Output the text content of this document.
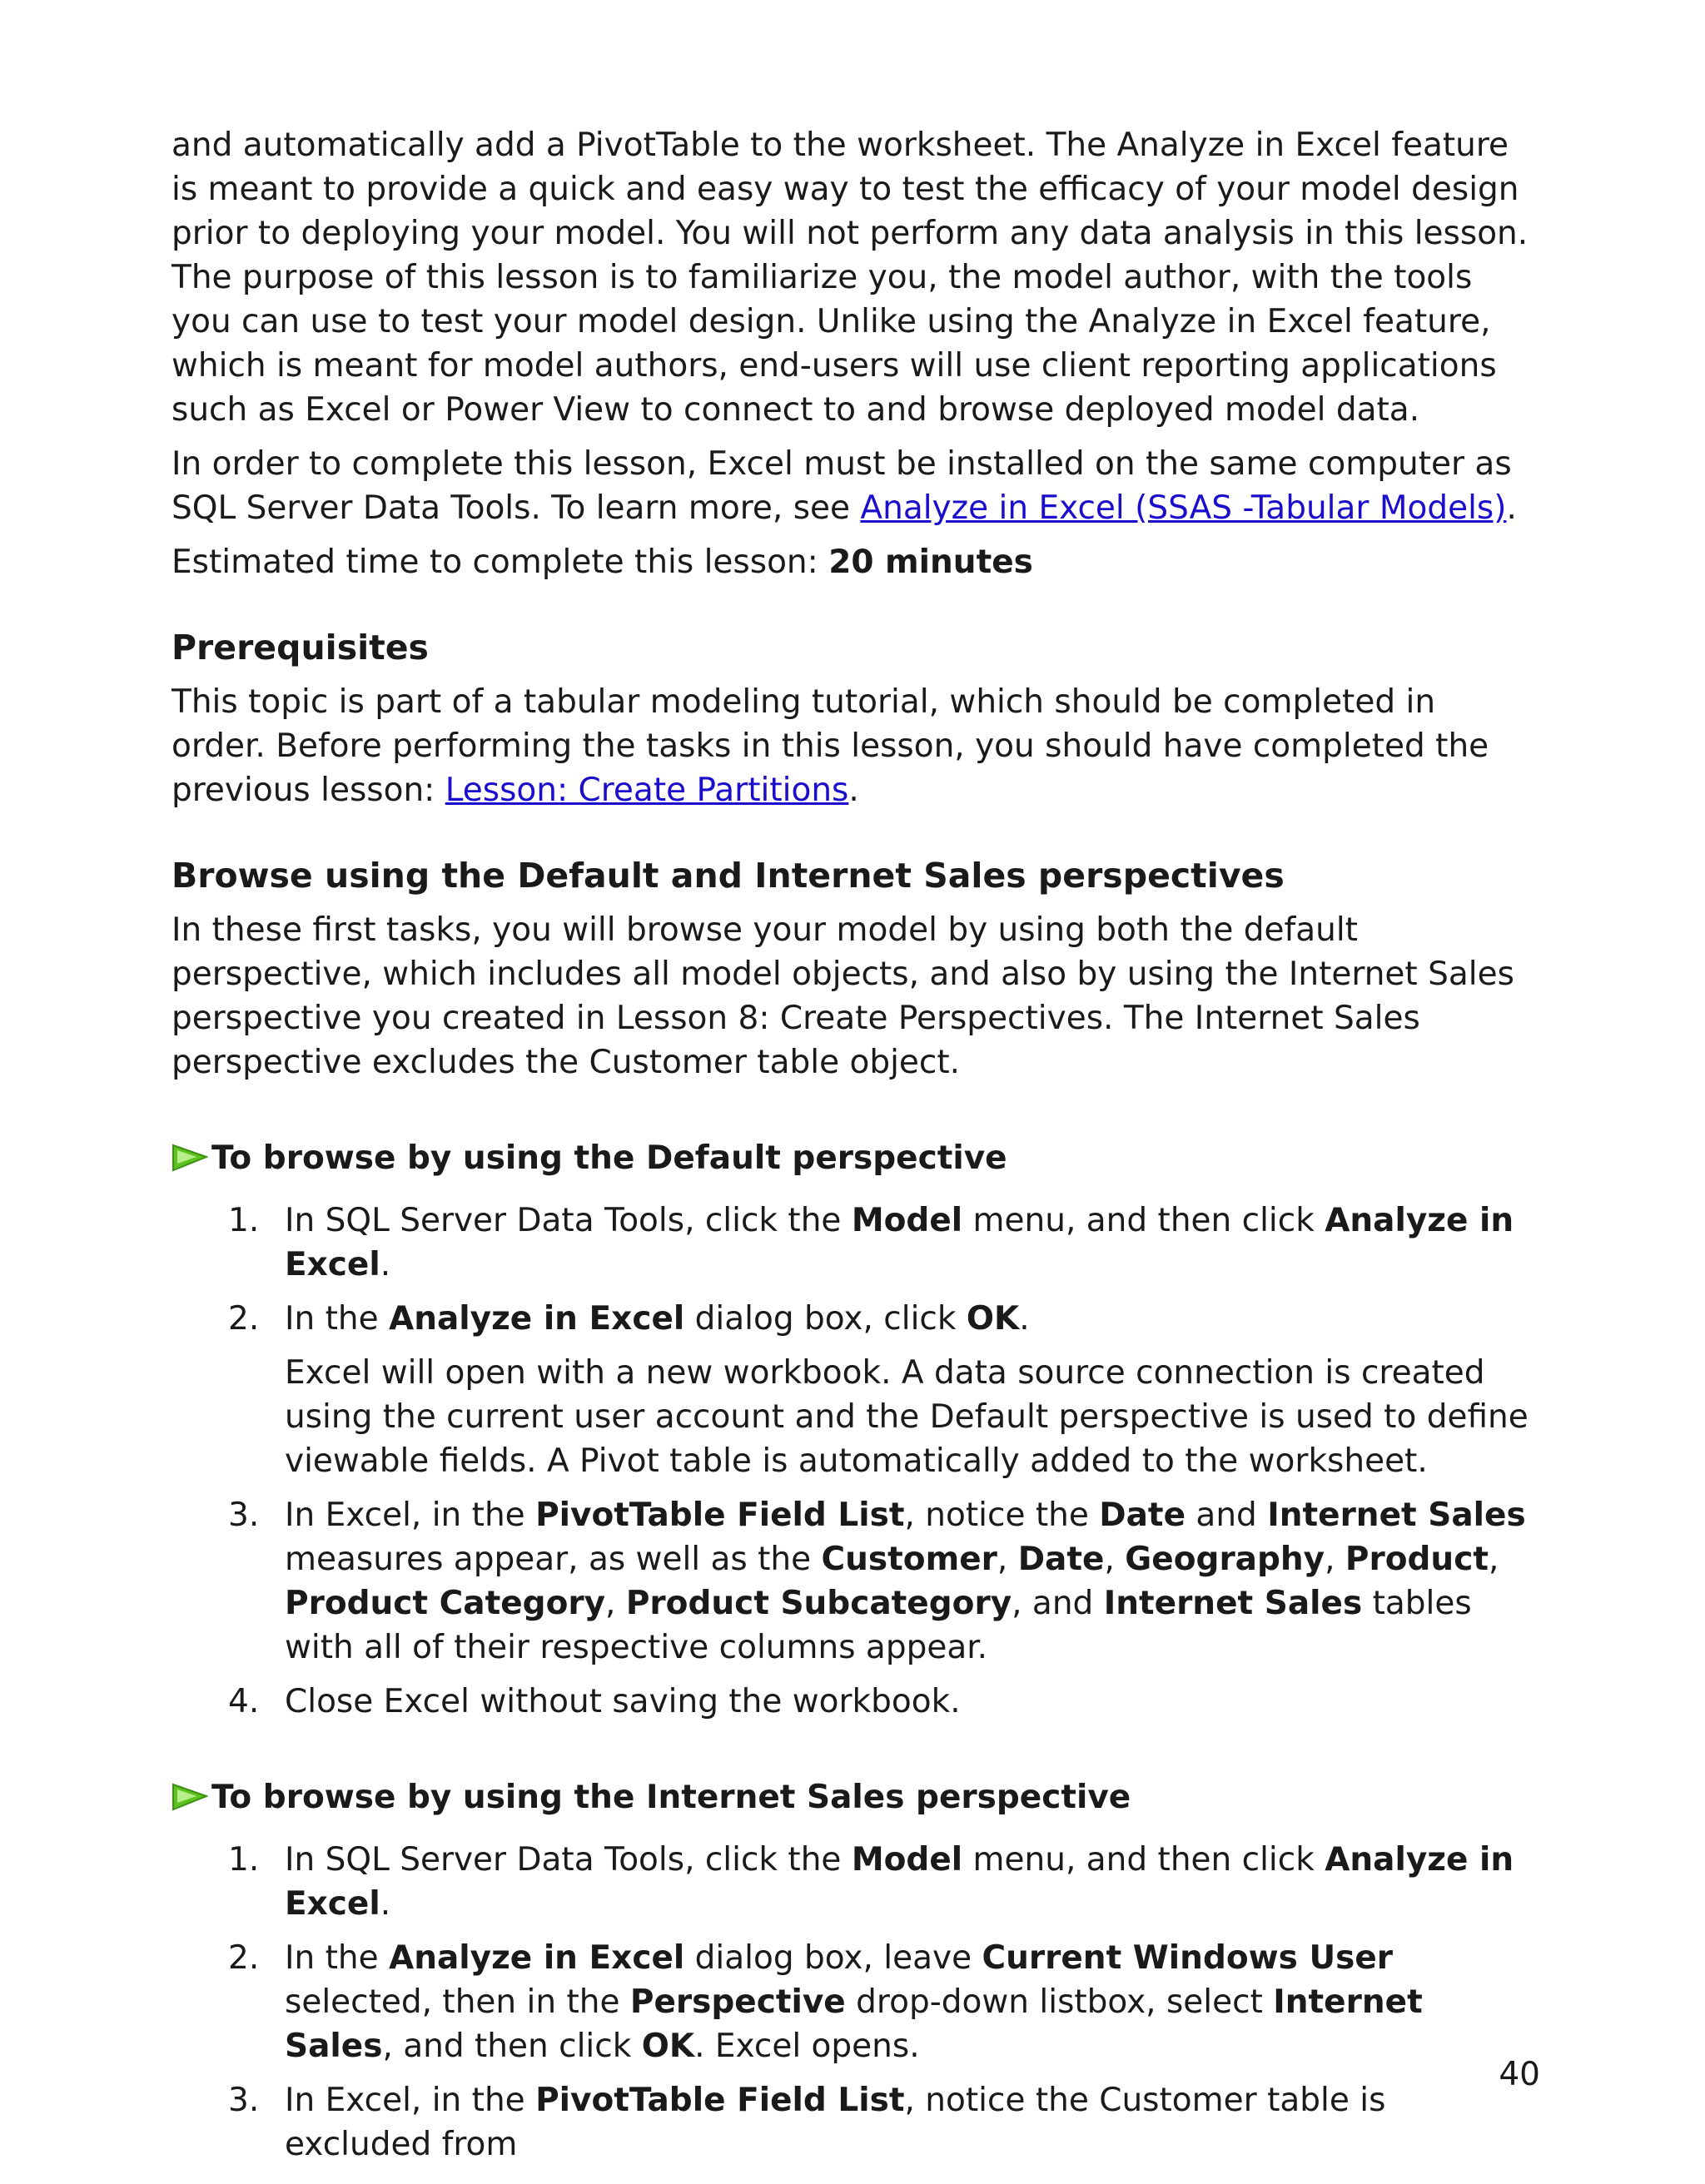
and automatically add a PivotTable to the worksheet. The Analyze in Excel feature is meant to provide a quick and easy way to test the efficacy of your model design prior to deploying your model. You will not perform any data analysis in this lesson. The purpose of this lesson is to familiarize you, the model author, with the tools you can use to test your model design. Unlike using the Analyze in Excel feature, which is meant for model authors, end-users will use client reporting applications such as Excel or Power View to connect to and browse deployed model data.

In order to complete this lesson, Excel must be installed on the same computer as SQL Server Data Tools. To learn more, see Analyze in Excel (SSAS -Tabular Models).

Estimated time to complete this lesson: 20 minutes

Prerequisites

This topic is part of a tabular modeling tutorial, which should be completed in order. Before performing the tasks in this lesson, you should have completed the previous lesson: Lesson: Create Partitions.

Browse using the Default and Internet Sales perspectives

In these first tasks, you will browse your model by using both the default perspective, which includes all model objects, and also by using the Internet Sales perspective you created in Lesson 8: Create Perspectives. The Internet Sales perspective excludes the Customer table object.

To browse by using the Default perspective
1. In SQL Server Data Tools, click the Model menu, and then click Analyze in Excel.
2. In the Analyze in Excel dialog box, click OK.

Excel will open with a new workbook. A data source connection is created using the current user account and the Default perspective is used to define viewable fields. A Pivot table is automatically added to the worksheet.

3. In Excel, in the PivotTable Field List, notice the Date and Internet Sales measures appear, as well as the Customer, Date, Geography, Product, Product Category, Product Subcategory, and Internet Sales tables with all of their respective columns appear.
4. Close Excel without saving the workbook.
To browse by using the Internet Sales perspective
1. In SQL Server Data Tools, click the Model menu, and then click Analyze in Excel.
2. In the Analyze in Excel dialog box, leave Current Windows User selected, then in the Perspective drop-down listbox, select Internet Sales, and then click OK. Excel opens.
3. In Excel, in the PivotTable Field List, notice the Customer table is excluded from
40
